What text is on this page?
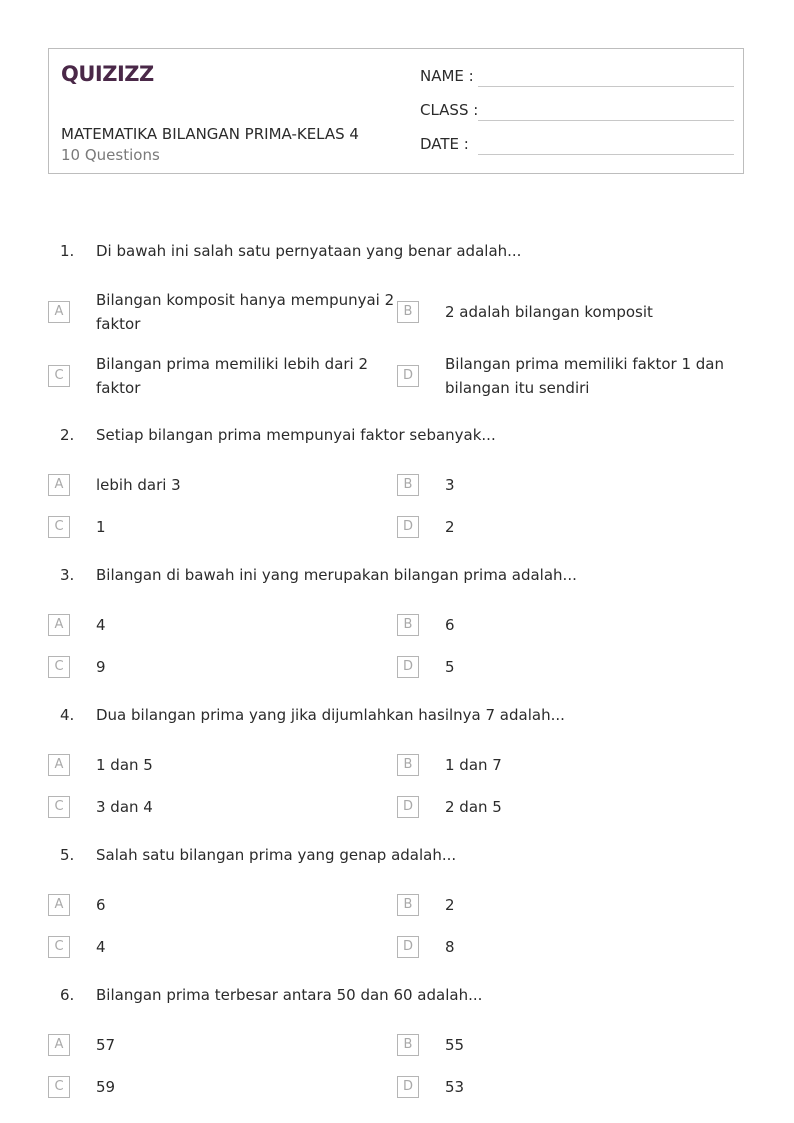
QUIZIZZ
MATEMATIKA BILANGAN PRIMA-KELAS 4
10 Questions
NAME :
CLASS :
DATE :
1. Di bawah ini salah satu pernyataan yang benar adalah...
A
Bilangan komposit hanya mempunyai 2 faktor
B	2 adalah bilangan komposit
C
Bilangan prima memiliki lebih dari 2 faktor
D
Bilangan prima memiliki faktor 1 dan bilangan itu sendiri
2. Setiap bilangan prima mempunyai faktor sebanyak...
A	lebih dari 3	B	3
C	1	D	2
3. Bilangan di bawah ini yang merupakan bilangan prima adalah...
A	4	B	6
C	9	D	5
4. Dua bilangan prima yang jika dijumlahkan hasilnya 7 adalah...
A	1 dan 5	B	1 dan 7
C	3 dan 4	D	2 dan 5
5. Salah satu bilangan prima yang genap adalah...
A	6	B	2
C	4	D	8
6. Bilangan prima terbesar antara 50 dan 60 adalah...
A	57	B	55
C	59	D	53
